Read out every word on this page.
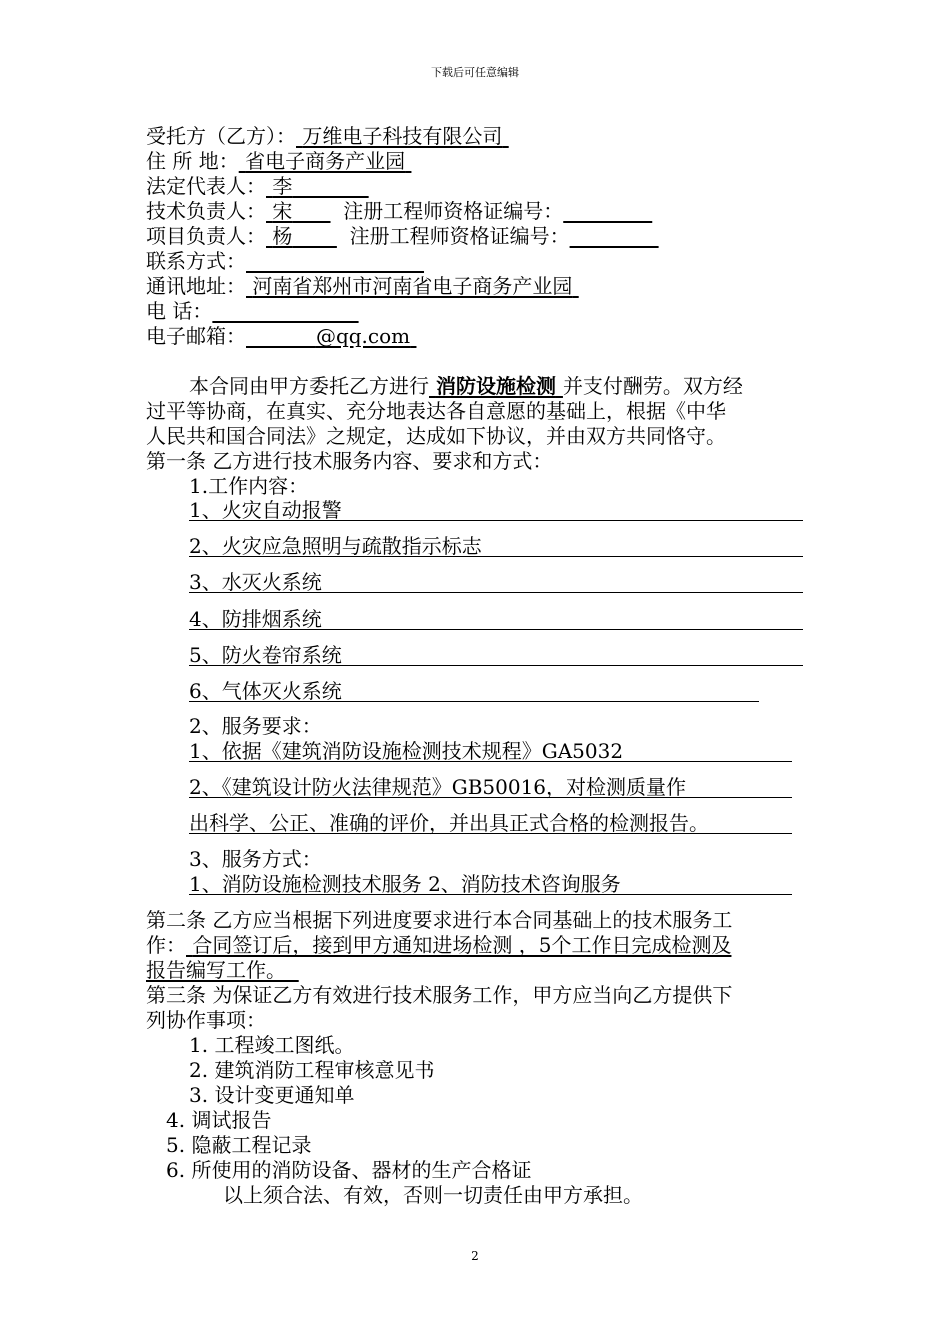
下载后可任意编辑
受托方（乙方）： 万维电子科技有限公司
住 所 地： 省电子商务产业园
法定代表人： 李
技术负责人： 宋	注册工程师资格证编号：
项目负责人： 杨	注册工程师资格证编号：
联系方式：
通讯地址： 河南省郑州市河南省电子商务产业园
电 话：
电子邮箱：	@qq.com
本合同由甲方委托乙方进行 消防设施检测 并支付酬劳。双方经
过平等协商，在真实、充分地表达各自意愿的基础上，根据《中华
人民共和国合同法》之规定，达成如下协议，并由双方共同恪守。
第一条 乙方进行技术服务内容、要求和方式：
1.工作内容：
1、火灾自动报警
2、火灾应急照明与疏散指示标志
3、水灭火系统
4、防排烟系统
5、防火卷帘系统
6、气体灭火系统
2、服务要求：
1、依据《建筑消防设施检测技术规程》GA5032
2、《建筑设计防火法律规范》GB50016，对检测质量作
出科学、公正、准确的评价，并出具正式合格的检测报告。
3、服务方式：
1、消防设施检测技术服务 2、消防技术咨询服务
第二条 乙方应当根据下列进度要求进行本合同基础上的技术服务工
作： 合同签订后，接到甲方通知进场检测 ，5个工作日完成检测及
报告编写工作。
第三条 为保证乙方有效进行技术服务工作，甲方应当向乙方提供下
列协作事项：
1. 工程竣工图纸。
2. 建筑消防工程审核意见书
3. 设计变更通知单
4. 调试报告
5. 隐蔽工程记录
6. 所使用的消防设备、器材的生产合格证
以上须合法、有效，否则一切责任由甲方承担。
2
